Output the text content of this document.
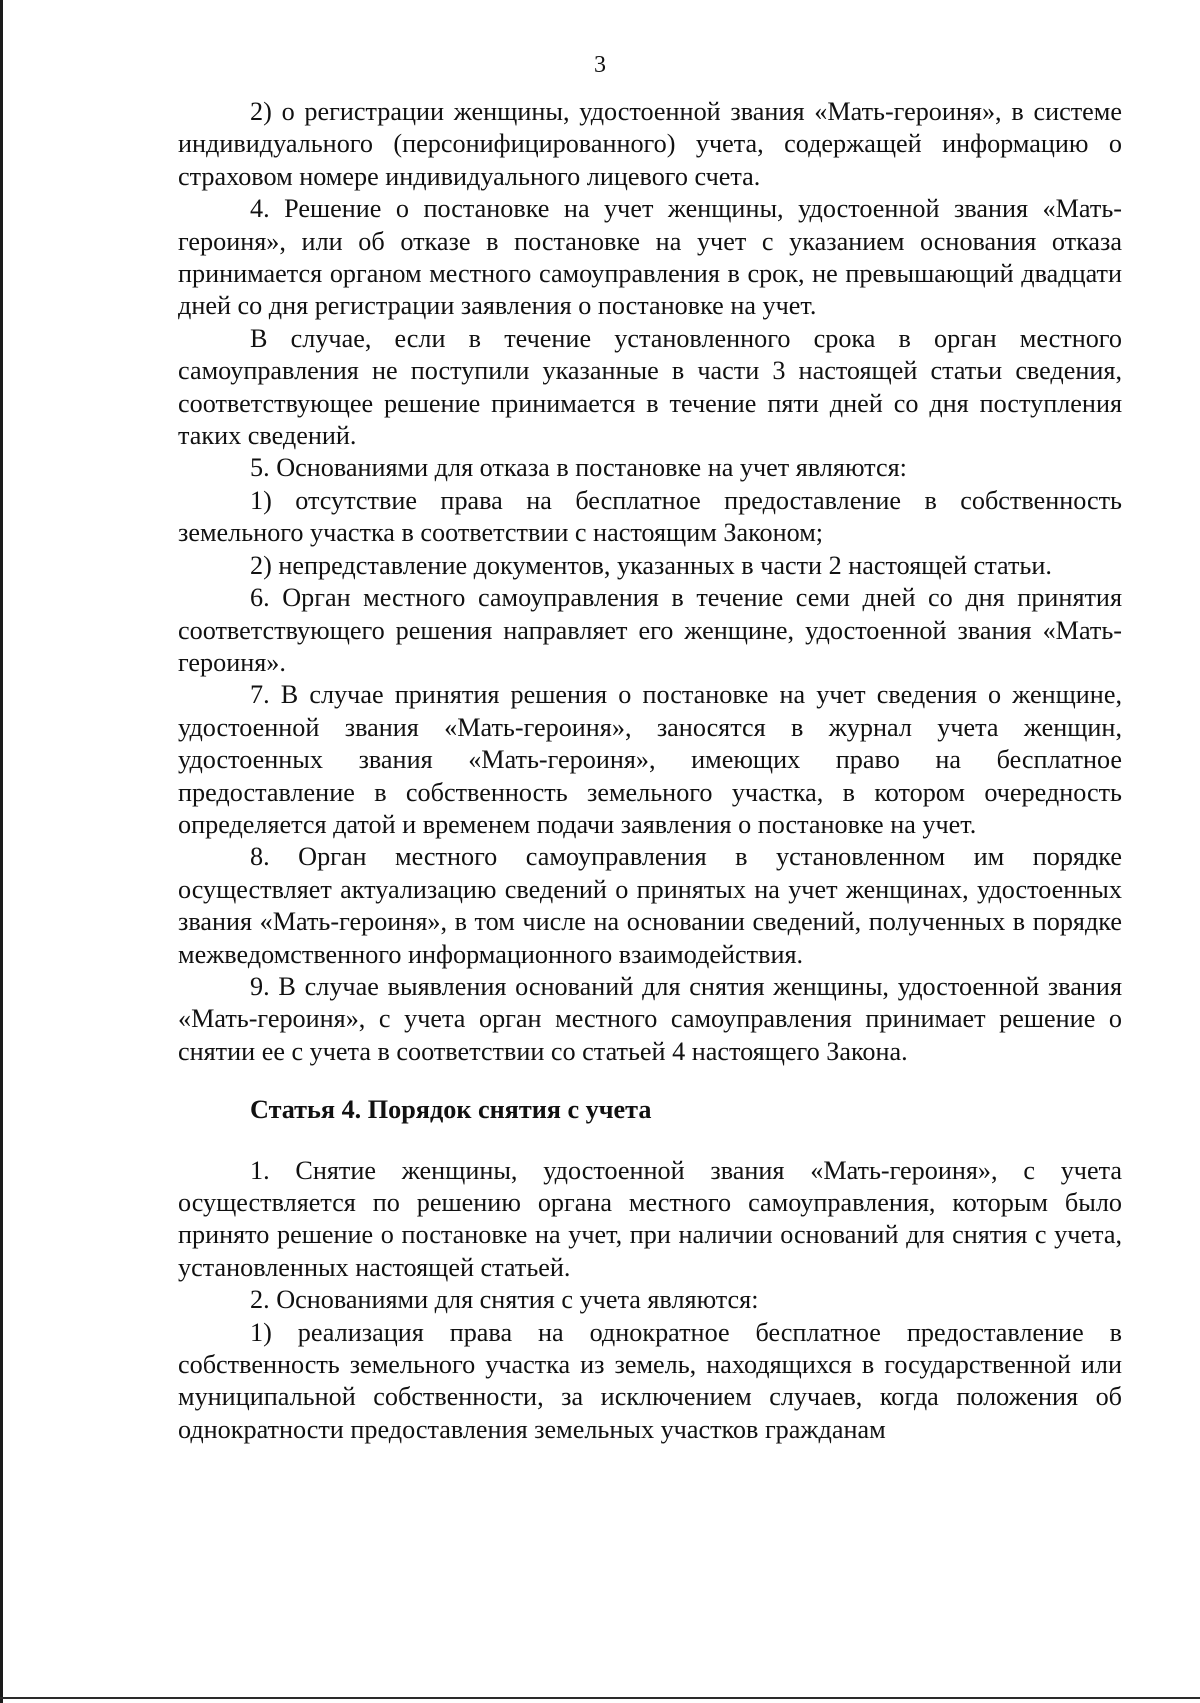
3

2) о регистрации женщины, удостоенной звания «Мать-героиня», в системе индивидуального (персонифицированного) учета, содержащей информацию о страховом номере индивидуального лицевого счета.

4. Решение о постановке на учет женщины, удостоенной звания «Мать-героиня», или об отказе в постановке на учет с указанием основания отказа принимается органом местного самоуправления в срок, не превышающий двадцати дней со дня регистрации заявления о постановке на учет.

В случае, если в течение установленного срока в орган местного самоуправления не поступили указанные в части 3 настоящей статьи сведения, соответствующее решение принимается в течение пяти дней со дня поступления таких сведений.

5. Основаниями для отказа в постановке на учет являются:

1) отсутствие права на бесплатное предоставление в собственность земельного участка в соответствии с настоящим Законом;

2) непредставление документов, указанных в части 2 настоящей статьи.

6. Орган местного самоуправления в течение семи дней со дня принятия соответствующего решения направляет его женщине, удостоенной звания «Мать-героиня».

7. В случае принятия решения о постановке на учет сведения о женщине, удостоенной звания «Мать-героиня», заносятся в журнал учета женщин, удостоенных звания «Мать-героиня», имеющих право на бесплатное предоставление в собственность земельного участка, в котором очередность определяется датой и временем подачи заявления о постановке на учет.

8. Орган местного самоуправления в установленном им порядке осуществляет актуализацию сведений о принятых на учет женщинах, удостоенных звания «Мать-героиня», в том числе на основании сведений, полученных в порядке межведомственного информационного взаимодействия.

9. В случае выявления оснований для снятия женщины, удостоенной звания «Мать-героиня», с учета орган местного самоуправления принимает решение о снятии ее с учета в соответствии со статьей 4 настоящего Закона.

Статья 4. Порядок снятия с учета

1. Снятие женщины, удостоенной звания «Мать-героиня», с учета осуществляется по решению органа местного самоуправления, которым было принято решение о постановке на учет, при наличии оснований для снятия с учета, установленных настоящей статьей.

2. Основаниями для снятия с учета являются:

1) реализация права на однократное бесплатное предоставление в собственность земельного участка из земель, находящихся в государственной или муниципальной собственности, за исключением случаев, когда положения об однократности предоставления земельных участков гражданам
